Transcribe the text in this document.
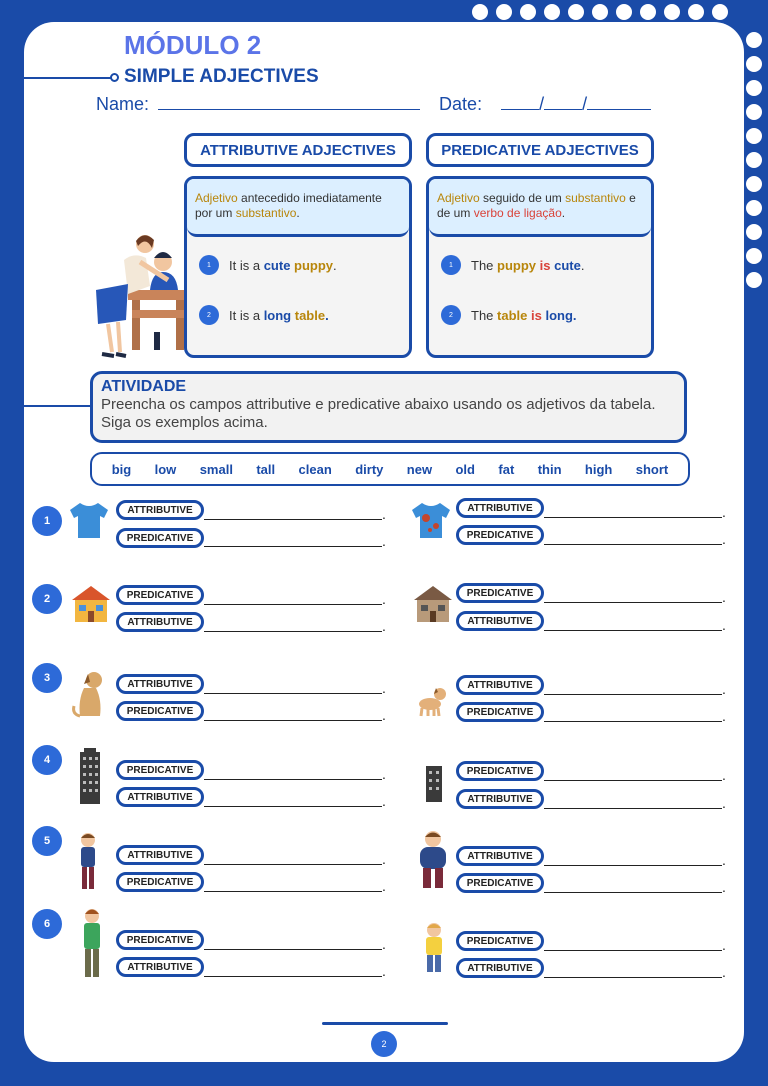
MÓDULO 2
SIMPLE ADJECTIVES
Name:	Date:	/ /
ATTRIBUTIVE ADJECTIVES
Adjetivo antecedido imediatamente por um substantivo.
1	It is a cute puppy.
2	It is a long table.
PREDICATIVE ADJECTIVES
Adjetivo seguido de um substantivo e de um verbo de ligação.
1	The puppy is cute.
2	The table is long.
ATIVIDADE
Preencha os campos attributive e predicative abaixo usando os adjetivos da tabela. Siga os exemplos acima.
big low small tall clean dirty new old fat thin high short
1
ATTRIBUTIVE	.
PREDICATIVE	.
ATTRIBUTIVE	.
PREDICATIVE	.
2	PREDICATIVE	.
ATTRIBUTIVE	.
PREDICATIVE	.
ATTRIBUTIVE	.
3	ATTRIBUTIVE	.
PREDICATIVE	.
ATTRIBUTIVE	.
PREDICATIVE	.
4
PREDICATIVE	.
ATTRIBUTIVE	.
PREDICATIVE	.
ATTRIBUTIVE	.
5
ATTRIBUTIVE	.
PREDICATIVE	.
ATTRIBUTIVE	.
PREDICATIVE	.
6
PREDICATIVE	.
ATTRIBUTIVE	.
PREDICATIVE	.
ATTRIBUTIVE	.
2
